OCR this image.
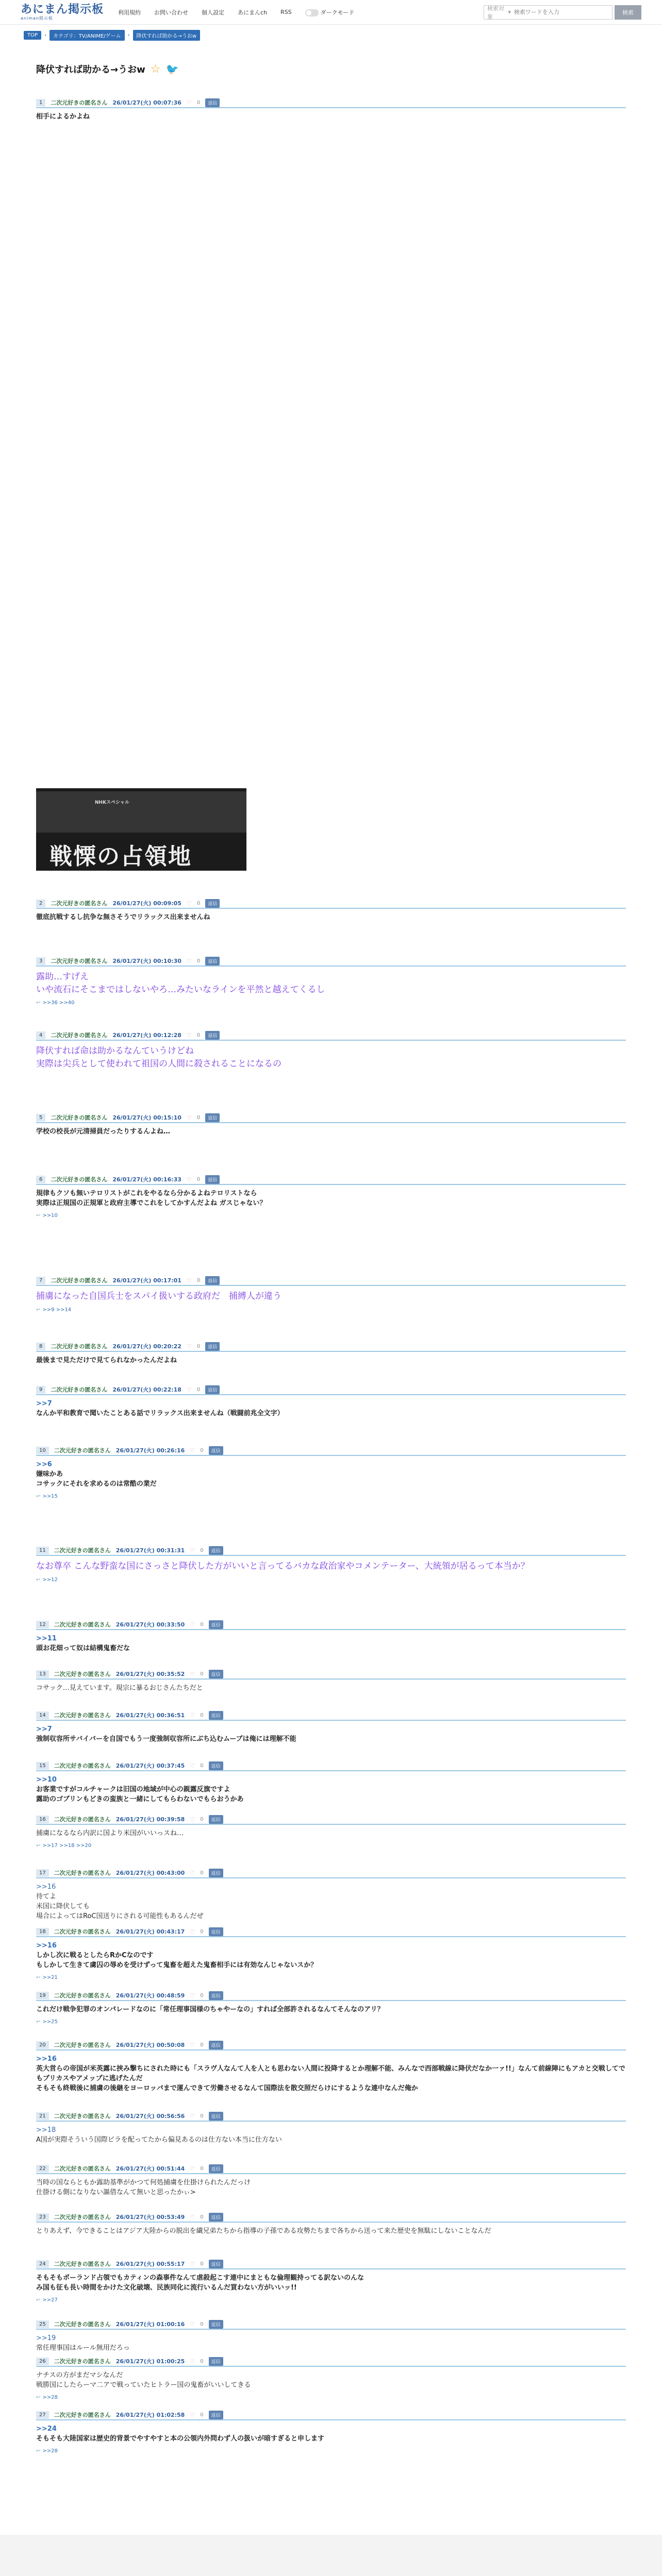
あにまん掲示板
animan掲示板
利用規約 お問い合わせ 個人設定 あにまんch RSS	ダークモード
検索対象
▾
検索ワードを入力	検索
TOP	›	カテゴリ：TV/ANIME/ゲーム	›	降伏すれば助かる→うおw
降伏すれば助かる→うおw ☆ 🐦
1	二次元好きの匿名さん 26/01/27(火) 00:07:36 ♡ 0	返信
相手によるかよね
2	二次元好きの匿名さん 26/01/27(火) 00:09:05 ♡ 0	返信
徹底抗戦するし抗争な無さそうでリラックス出来ませんね
3	二次元好きの匿名さん 26/01/27(火) 00:10:30 ♡ 0	返信
露助…すげえ
いや流石にそこまではしないやろ…みたいなラインを平然と越えてくるし
↩ >>36 >>40
4	二次元好きの匿名さん 26/01/27(火) 00:12:28 ♡ 0	返信
降伏すれば命は助かるなんていうけどね
実際は尖兵として使われて祖国の人間に殺されることになるの
5	二次元好きの匿名さん 26/01/27(火) 00:15:10 ♡ 0	返信
学校の校長が元清掃員だったりするんよね…
6	二次元好きの匿名さん 26/01/27(火) 00:16:33 ♡ 0	返信
規律もクソも無いテロリストがこれをやるなら分かるよねテロリストなら
実際は正規国の正規軍と政府主導でこれをしてかすんだよね ガスじゃない？
↩ >>10
7	二次元好きの匿名さん 26/01/27(火) 00:17:01 ♡ 0	返信
捕虜になった自国兵士をスパイ扱いする政府だ　捕縛人が違う
↩ >>9 >>14
8	二次元好きの匿名さん 26/01/27(火) 00:20:22 ♡ 0	返信
最後まで見ただけで見てられなかったんだよね
9	二次元好きの匿名さん 26/01/27(火) 00:22:18 ♡ 0	返信
>>7
なんか平和教育で聞いたことある話でリラックス出来ませんね（戦闘前兆全文字）
10	二次元好きの匿名さん 26/01/27(火) 00:26:16 ♡ 0	返信
>>6
嫌味かあ
コサックにそれを求めるのは常酷の業だ
↩ >>15
11	二次元好きの匿名さん 26/01/27(火) 00:31:31 ♡ 0	返信
なお尊卒 こんな野蛮な国にさっさと降伏した方がいいと言ってるバカな政治家やコメンテーター、大統領が居るって本当か？
↩ >>12
12	二次元好きの匿名さん 26/01/27(火) 00:33:50 ♡ 0	返信
>>11
頭お花畑って奴は結構鬼畜だな
13	二次元好きの匿名さん 26/01/27(火) 00:35:52 ♡ 0	返信
コサック…見えています。現宗に暴るおじさんたちだと
14	二次元好きの匿名さん 26/01/27(火) 00:36:51 ♡ 0	返信
>>7
強制収容所サバイバーを自国でもう一度強制収容所にぶち込むムーブは俺には理解不能
15	二次元好きの匿名さん 26/01/27(火) 00:37:45 ♡ 0	返信
>>10
お客業ですがコルチャークは旧国の地域が中心の親露反旗ですよ
露助のゴブリンもどきの蛮族と一緒にしてもらわないでもらおうかあ
16	二次元好きの匿名さん 26/01/27(火) 00:39:58 ♡ 0	返信
捕虜になるなら内訳に国より米国がいいっスね…
↩ >>17 >>18 >>20
17	二次元好きの匿名さん 26/01/27(火) 00:43:00 ♡ 0	返信
>>16
待てよ
米国に降伏しても
場合によってはRoC国送りにされる可能性もあるんだぜ
18	二次元好きの匿名さん 26/01/27(火) 00:43:17 ♡ 0	返信
>>16
しかし次に戦るとしたらRかCなのです
もしかして生きて虜囚の辱めを受けずって鬼畜を超えた鬼畜相手には有効なんじゃないスか？
↩ >>21
19	二次元好きの匿名さん 26/01/27(火) 00:48:59 ♡ 0	返信
これだけ戦争犯罪のオンパレードなのに「常任理事国様のちゃやーなの」すれば全部許されるなんてそんなのアリ？
↩ >>25
20	二次元好きの匿名さん 26/01/27(火) 00:50:08 ♡ 0	返信
>>16
英大営らの帝国が米英露に挟み撃ちにされた時にも「スラヴ人なんて人を人とも思わない人間に投降するとか理解不能、みんなで西部戦線に降伏だなか一ァ!!」なんて前線陣にもアカと交戦してでもブリカスやアメップに逃げたんだ
そもそも終戦後に捕虜の後継をヨーロッパまで運んできて労働させるなんて国際法を散交照だらけにするような連中なんだ俺か
21	二次元好きの匿名さん 26/01/27(火) 00:56:56 ♡ 0	返信
>>18
A国が実際そういう国際ビラを配ってたから偏見あるのは仕方ない本当に仕方ない
22	二次元好きの匿名さん 26/01/27(火) 00:51:44 ♡ 0	返信
当時の国ならともか露助基準がかつて何処捕虜を仕掛けられたんだっけ
仕掛ける側になりない謳借なんて無いと思ったかぃ>
23	二次元好きの匿名さん 26/01/27(火) 00:53:49 ♡ 0	返信
とりあえず、今できることはアジア大陸からの脱出を繊兄弟たちから指導の子孫である攻勢たちまで各ちから送って来た歴史を無駄にしないことなんだ
24	二次元好きの匿名さん 26/01/27(火) 00:55:17 ♡ 0	返信
そもそもポーランド占領でもカティンの森事件なんて虐殺起こす連中にまともな倫理観持ってる訳ないのんな
み国も征も長い時間をかけた文化破壊、民族同化に流行いるんだ買わない方がいいッ!!
↩ >>27
25	二次元好きの匿名さん 26/01/27(火) 01:00:16 ♡ 0	返信
>>19
常任理事国はルール無用だろっ
26	二次元好きの匿名さん 26/01/27(火) 01:00:25 ♡ 0	返信
ナチスの方がまだマシなんだ
戦勝国にしたらーマ二アで戦っていたヒトラー国の鬼畜がいいしてきる
↩ >>28
27	二次元好きの匿名さん 26/01/27(火) 01:02:58 ♡ 0	返信
>>24
そもそも大陸国家は歴史的背景でやすやすと本の公領内外問わず人の扱いが暗すぎると申します
↩ >>28
NHKスペシャル
戦慄の占領地
